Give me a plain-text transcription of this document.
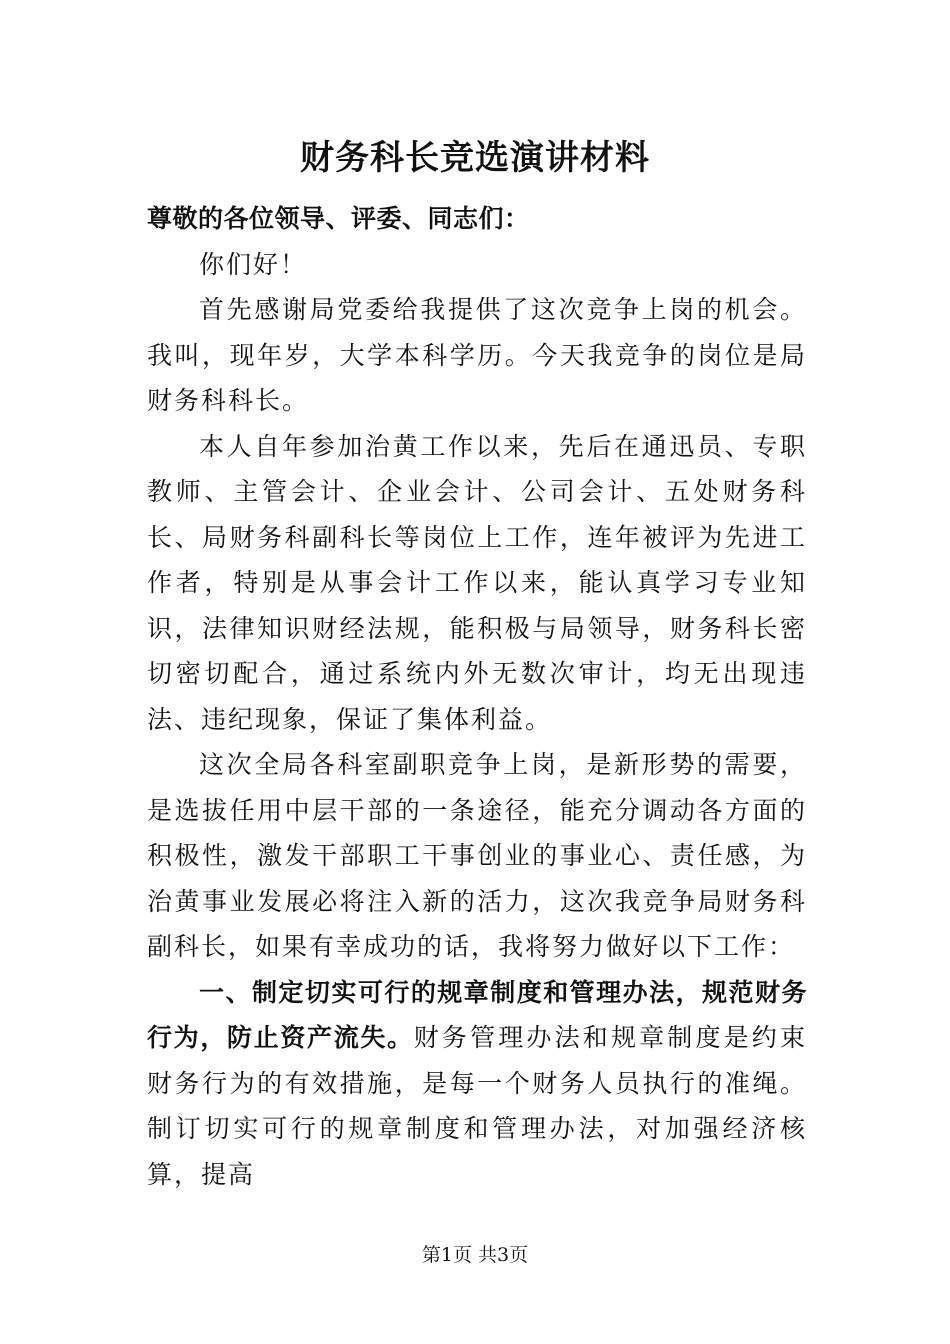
财务科长竞选演讲材料

尊敬的各位领导、评委、同志们：

你们好！

首先感谢局党委给我提供了这次竞争上岗的机会。我叫，现年岁，大学本科学历。今天我竞争的岗位是局财务科科长。

本人自年参加治黄工作以来，先后在通迅员、专职教师、主管会计、企业会计、公司会计、五处财务科长、局财务科副科长等岗位上工作，连年被评为先进工作者，特别是从事会计工作以来，能认真学习专业知识，法律知识财经法规，能积极与局领导，财务科长密切密切配合，通过系统内外无数次审计，均无出现违法、违纪现象，保证了集体利益。

这次全局各科室副职竞争上岗，是新形势的需要，是选拔任用中层干部的一条途径，能充分调动各方面的积极性，激发干部职工干事创业的事业心、责任感，为治黄事业发展必将注入新的活力，这次我竞争局财务科副科长，如果有幸成功的话，我将努力做好以下工作：

一、制定切实可行的规章制度和管理办法，规范财务行为，防止资产流失。财务管理办法和规章制度是约束财务行为的有效措施，是每一个财务人员执行的准绳。制订切实可行的规章制度和管理办法，对加强经济核算，提高

第1页 共3页
